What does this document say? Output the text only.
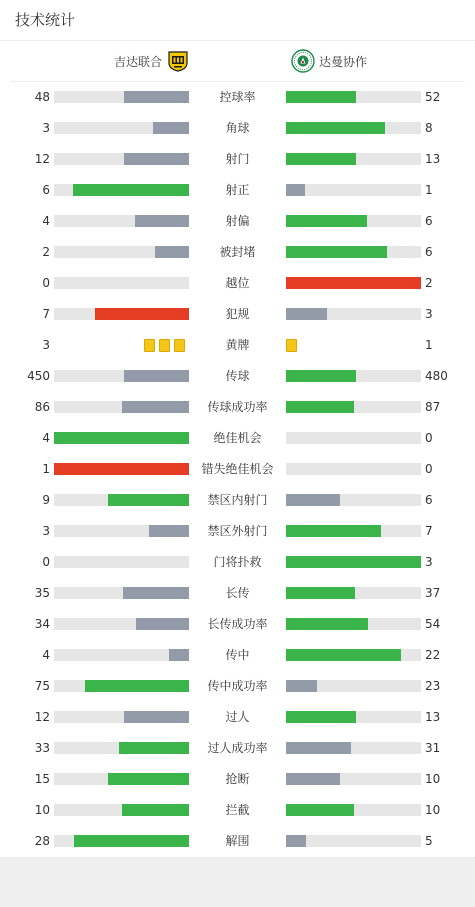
技术统计
吉达联合	达曼协作
48	控球率	52
3	角球	8
12	射门	13
6	射正	1
4	射偏	6
2	被封堵	6
0	越位	2
7	犯规	3
3	黄牌	1
450	传球	480
86	传球成功率	87
4	绝佳机会	0
1	错失绝佳机会	0
9	禁区内射门	6
3	禁区外射门	7
0	门将扑救	3
35	长传	37
34	长传成功率	54
4	传中	22
75	传中成功率	23
12	过人	13
33	过人成功率	31
15	抢断	10
10	拦截	10
28	解围	5
